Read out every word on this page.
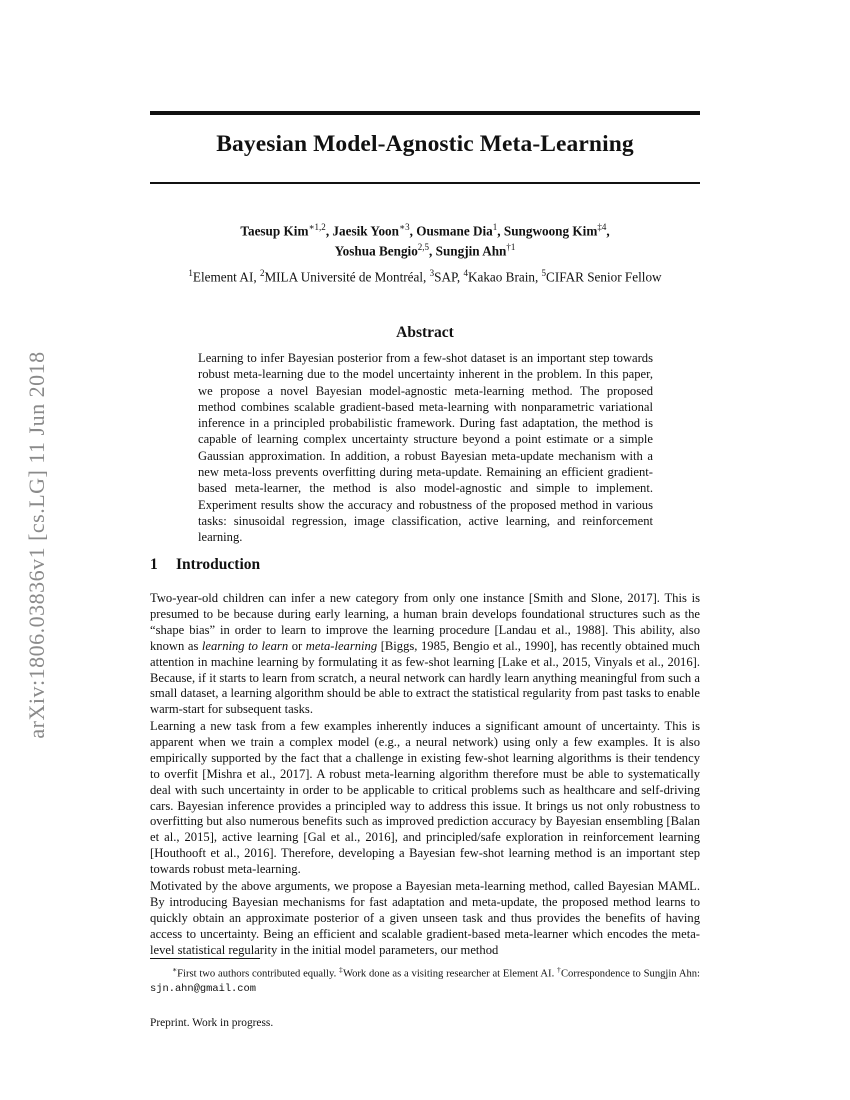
arXiv:1806.03836v1 [cs.LG] 11 Jun 2018
Bayesian Model-Agnostic Meta-Learning
Taesup Kim$^{∗1,2}$, Jaesik Yoon$^{∗3}$, Ousmane Dia$^1$, Sungwoong Kim$^{\ddagger 4}$,
Yoshua Bengio$^{2,5}$, Sungjin Ahn$^{\dagger 1}$
$^1$Element AI, $^2$MILA Université de Montréal, $^3$SAP, $^4$Kakao Brain, $^5$CIFAR Senior Fellow
Abstract
Learning to infer Bayesian posterior from a few-shot dataset is an important step towards robust meta-learning due to the model uncertainty inherent in the problem. In this paper, we propose a novel Bayesian model-agnostic meta-learning method. The proposed method combines scalable gradient-based meta-learning with nonparametric variational inference in a principled probabilistic framework. During fast adaptation, the method is capable of learning complex uncertainty structure beyond a point estimate or a simple Gaussian approximation. In addition, a robust Bayesian meta-update mechanism with a new meta-loss prevents overfitting during meta-update. Remaining an efficient gradient-based meta-learner, the method is also model-agnostic and simple to implement. Experiment results show the accuracy and robustness of the proposed method in various tasks: sinusoidal regression, image classification, active learning, and reinforcement learning.
1 Introduction

Two-year-old children can infer a new category from only one instance [Smith and Slone, 2017]. This is presumed to be because during early learning, a human brain develops foundational structures such as the “shape bias” in order to learn to improve the learning procedure [Landau et al., 1988]. This ability, also known as learning to learn or meta-learning [Biggs, 1985, Bengio et al., 1990], has recently obtained much attention in machine learning by formulating it as few-shot learning [Lake et al., 2015, Vinyals et al., 2016]. Because, if it starts to learn from scratch, a neural network can hardly learn anything meaningful from such a small dataset, a learning algorithm should be able to extract the statistical regularity from past tasks to enable warm-start for subsequent tasks.

Learning a new task from a few examples inherently induces a significant amount of uncertainty. This is apparent when we train a complex model (e.g., a neural network) using only a few examples. It is also empirically supported by the fact that a challenge in existing few-shot learning algorithms is their tendency to overfit [Mishra et al., 2017]. A robust meta-learning algorithm therefore must be able to systematically deal with such uncertainty in order to be applicable to critical problems such as healthcare and self-driving cars. Bayesian inference provides a principled way to address this issue. It brings us not only robustness to overfitting but also numerous benefits such as improved prediction accuracy by Bayesian ensembling [Balan et al., 2015], active learning [Gal et al., 2016], and principled/safe exploration in reinforcement learning [Houthooft et al., 2016]. Therefore, developing a Bayesian few-shot learning method is an important step towards robust meta-learning.

Motivated by the above arguments, we propose a Bayesian meta-learning method, called Bayesian MAML. By introducing Bayesian mechanisms for fast adaptation and meta-update, the proposed method learns to quickly obtain an approximate posterior of a given unseen task and thus provides the benefits of having access to uncertainty. Being an efficient and scalable gradient-based meta-learner which encodes the meta-level statistical regularity in the initial model parameters, our method

∗First two authors contributed equally. ‡Work done as a visiting researcher at Element AI. †Correspondence to Sungjin Ahn: sjn.ahn@gmail.com
Preprint. Work in progress.
